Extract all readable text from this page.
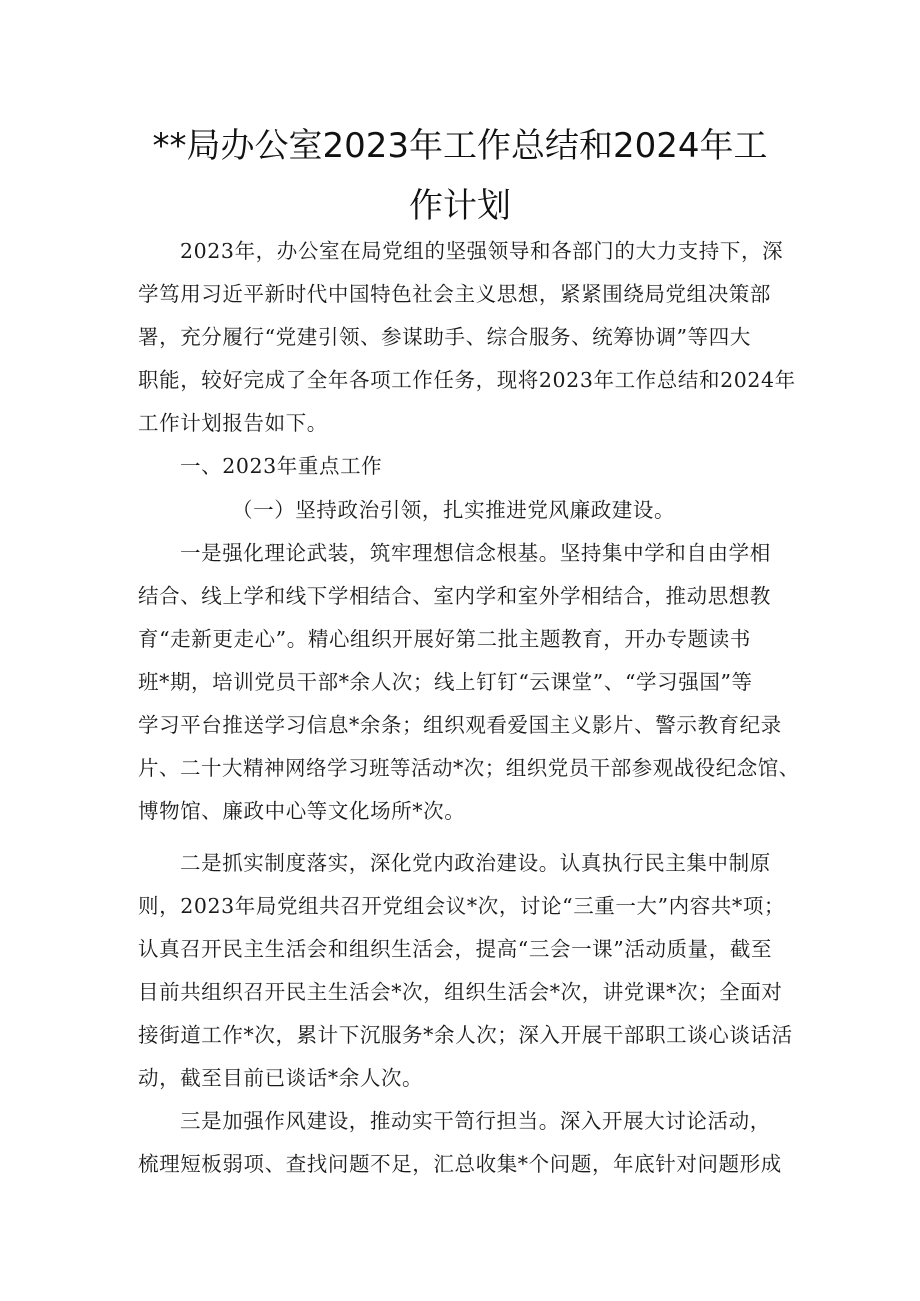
**局办公室2023年工作总结和2024年工
作计划
2023年，办公室在局党组的坚强领导和各部门的大力支持下，深
学笃用习近平新时代中国特色社会主义思想，紧紧围绕局党组决策部
署，充分履行“党建引领、参谋助手、综合服务、统筹协调”等四大
职能，较好完成了全年各项工作任务，现将2023年工作总结和2024年
工作计划报告如下。
一、2023年重点工作
（一）坚持政治引领，扎实推进党风廉政建设。
一是强化理论武装，筑牢理想信念根基。坚持集中学和自由学相
结合、线上学和线下学相结合、室内学和室外学相结合，推动思想教
育“走新更走心”。精心组织开展好第二批主题教育，开办专题读书
班*期，培训党员干部*余人次；线上钉钉“云课堂”、“学习强国”等
学习平台推送学习信息*余条；组织观看爱国主义影片、警示教育纪录
片、二十大精神网络学习班等活动*次；组织党员干部参观战役纪念馆、
博物馆、廉政中心等文化场所*次。
二是抓实制度落实，深化党内政治建设。认真执行民主集中制原
则，2023年局党组共召开党组会议*次，讨论“三重一大”内容共*项；
认真召开民主生活会和组织生活会，提高“三会一课”活动质量，截至
目前共组织召开民主生活会*次，组织生活会*次，讲党课*次；全面对
接街道工作*次，累计下沉服务*余人次；深入开展干部职工谈心谈话活
动，截至目前已谈话*余人次。
三是加强作风建设，推动实干笥行担当。深入开展大讨论活动，
梳理短板弱项、查找问题不足，汇总收集*个问题，年底针对问题形成
